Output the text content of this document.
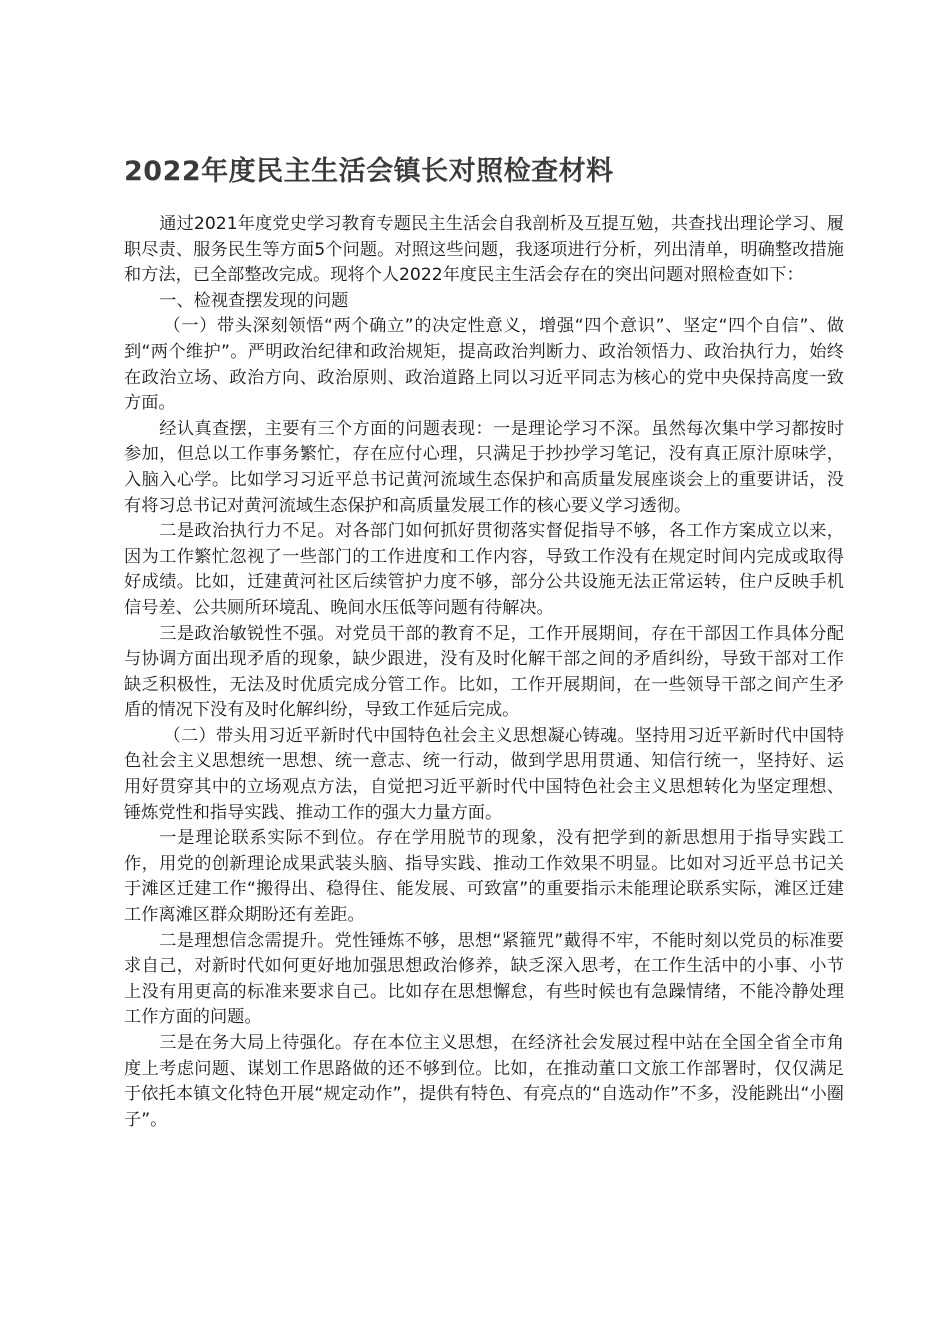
2022年度民主生活会镇长对照检查材料

通过2021年度党史学习教育专题民主生活会自我剖析及互提互勉，共查找出理论学习、履职尽责、服务民生等方面5个问题。对照这些问题，我逐项进行分析，列出清单，明确整改措施和方法，已全部整改完成。现将个人2022年度民主生活会存在的突出问题对照检查如下：

一、检视查摆发现的问题

（一）带头深刻领悟“两个确立”的决定性意义，增强“四个意识”、坚定“四个自信”、做到“两个维护”。严明政治纪律和政治规矩，提高政治判断力、政治领悟力、政治执行力，始终在政治立场、政治方向、政治原则、政治道路上同以习近平同志为核心的党中央保持高度一致方面。

经认真查摆，主要有三个方面的问题表现：一是理论学习不深。虽然每次集中学习都按时参加，但总以工作事务繁忙，存在应付心理，只满足于抄抄学习笔记，没有真正原汁原味学，入脑入心学。比如学习习近平总书记黄河流域生态保护和高质量发展座谈会上的重要讲话，没有将习总书记对黄河流域生态保护和高质量发展工作的核心要义学习透彻。

二是政治执行力不足。对各部门如何抓好贯彻落实督促指导不够，各工作方案成立以来，因为工作繁忙忽视了一些部门的工作进度和工作内容，导致工作没有在规定时间内完成或取得好成绩。比如，迁建黄河社区后续管护力度不够，部分公共设施无法正常运转，住户反映手机信号差、公共厕所环境乱、晚间水压低等问题有待解决。

三是政治敏锐性不强。对党员干部的教育不足，工作开展期间，存在干部因工作具体分配与协调方面出现矛盾的现象，缺少跟进，没有及时化解干部之间的矛盾纠纷，导致干部对工作缺乏积极性，无法及时优质完成分管工作。比如，工作开展期间，在一些领导干部之间产生矛盾的情况下没有及时化解纠纷，导致工作延后完成。

（二）带头用习近平新时代中国特色社会主义思想凝心铸魂。坚持用习近平新时代中国特色社会主义思想统一思想、统一意志、统一行动，做到学思用贯通、知信行统一，坚持好、运用好贯穿其中的立场观点方法，自觉把习近平新时代中国特色社会主义思想转化为坚定理想、锤炼党性和指导实践、推动工作的强大力量方面。

一是理论联系实际不到位。存在学用脱节的现象，没有把学到的新思想用于指导实践工作，用党的创新理论成果武装头脑、指导实践、推动工作效果不明显。比如对习近平总书记关于滩区迁建工作“搬得出、稳得住、能发展、可致富”的重要指示未能理论联系实际，滩区迁建工作离滩区群众期盼还有差距。

二是理想信念需提升。党性锤炼不够，思想“紧箍咒”戴得不牢，不能时刻以党员的标准要求自己，对新时代如何更好地加强思想政治修养，缺乏深入思考，在工作生活中的小事、小节上没有用更高的标准来要求自己。比如存在思想懈怠，有些时候也有急躁情绪，不能冷静处理工作方面的问题。

三是在务大局上待强化。存在本位主义思想，在经济社会发展过程中站在全国全省全市角度上考虑问题、谋划工作思路做的还不够到位。比如，在推动董口文旅工作部署时，仅仅满足于依托本镇文化特色开展“规定动作”，提供有特色、有亮点的“自选动作”不多，没能跳出“小圈子”。
